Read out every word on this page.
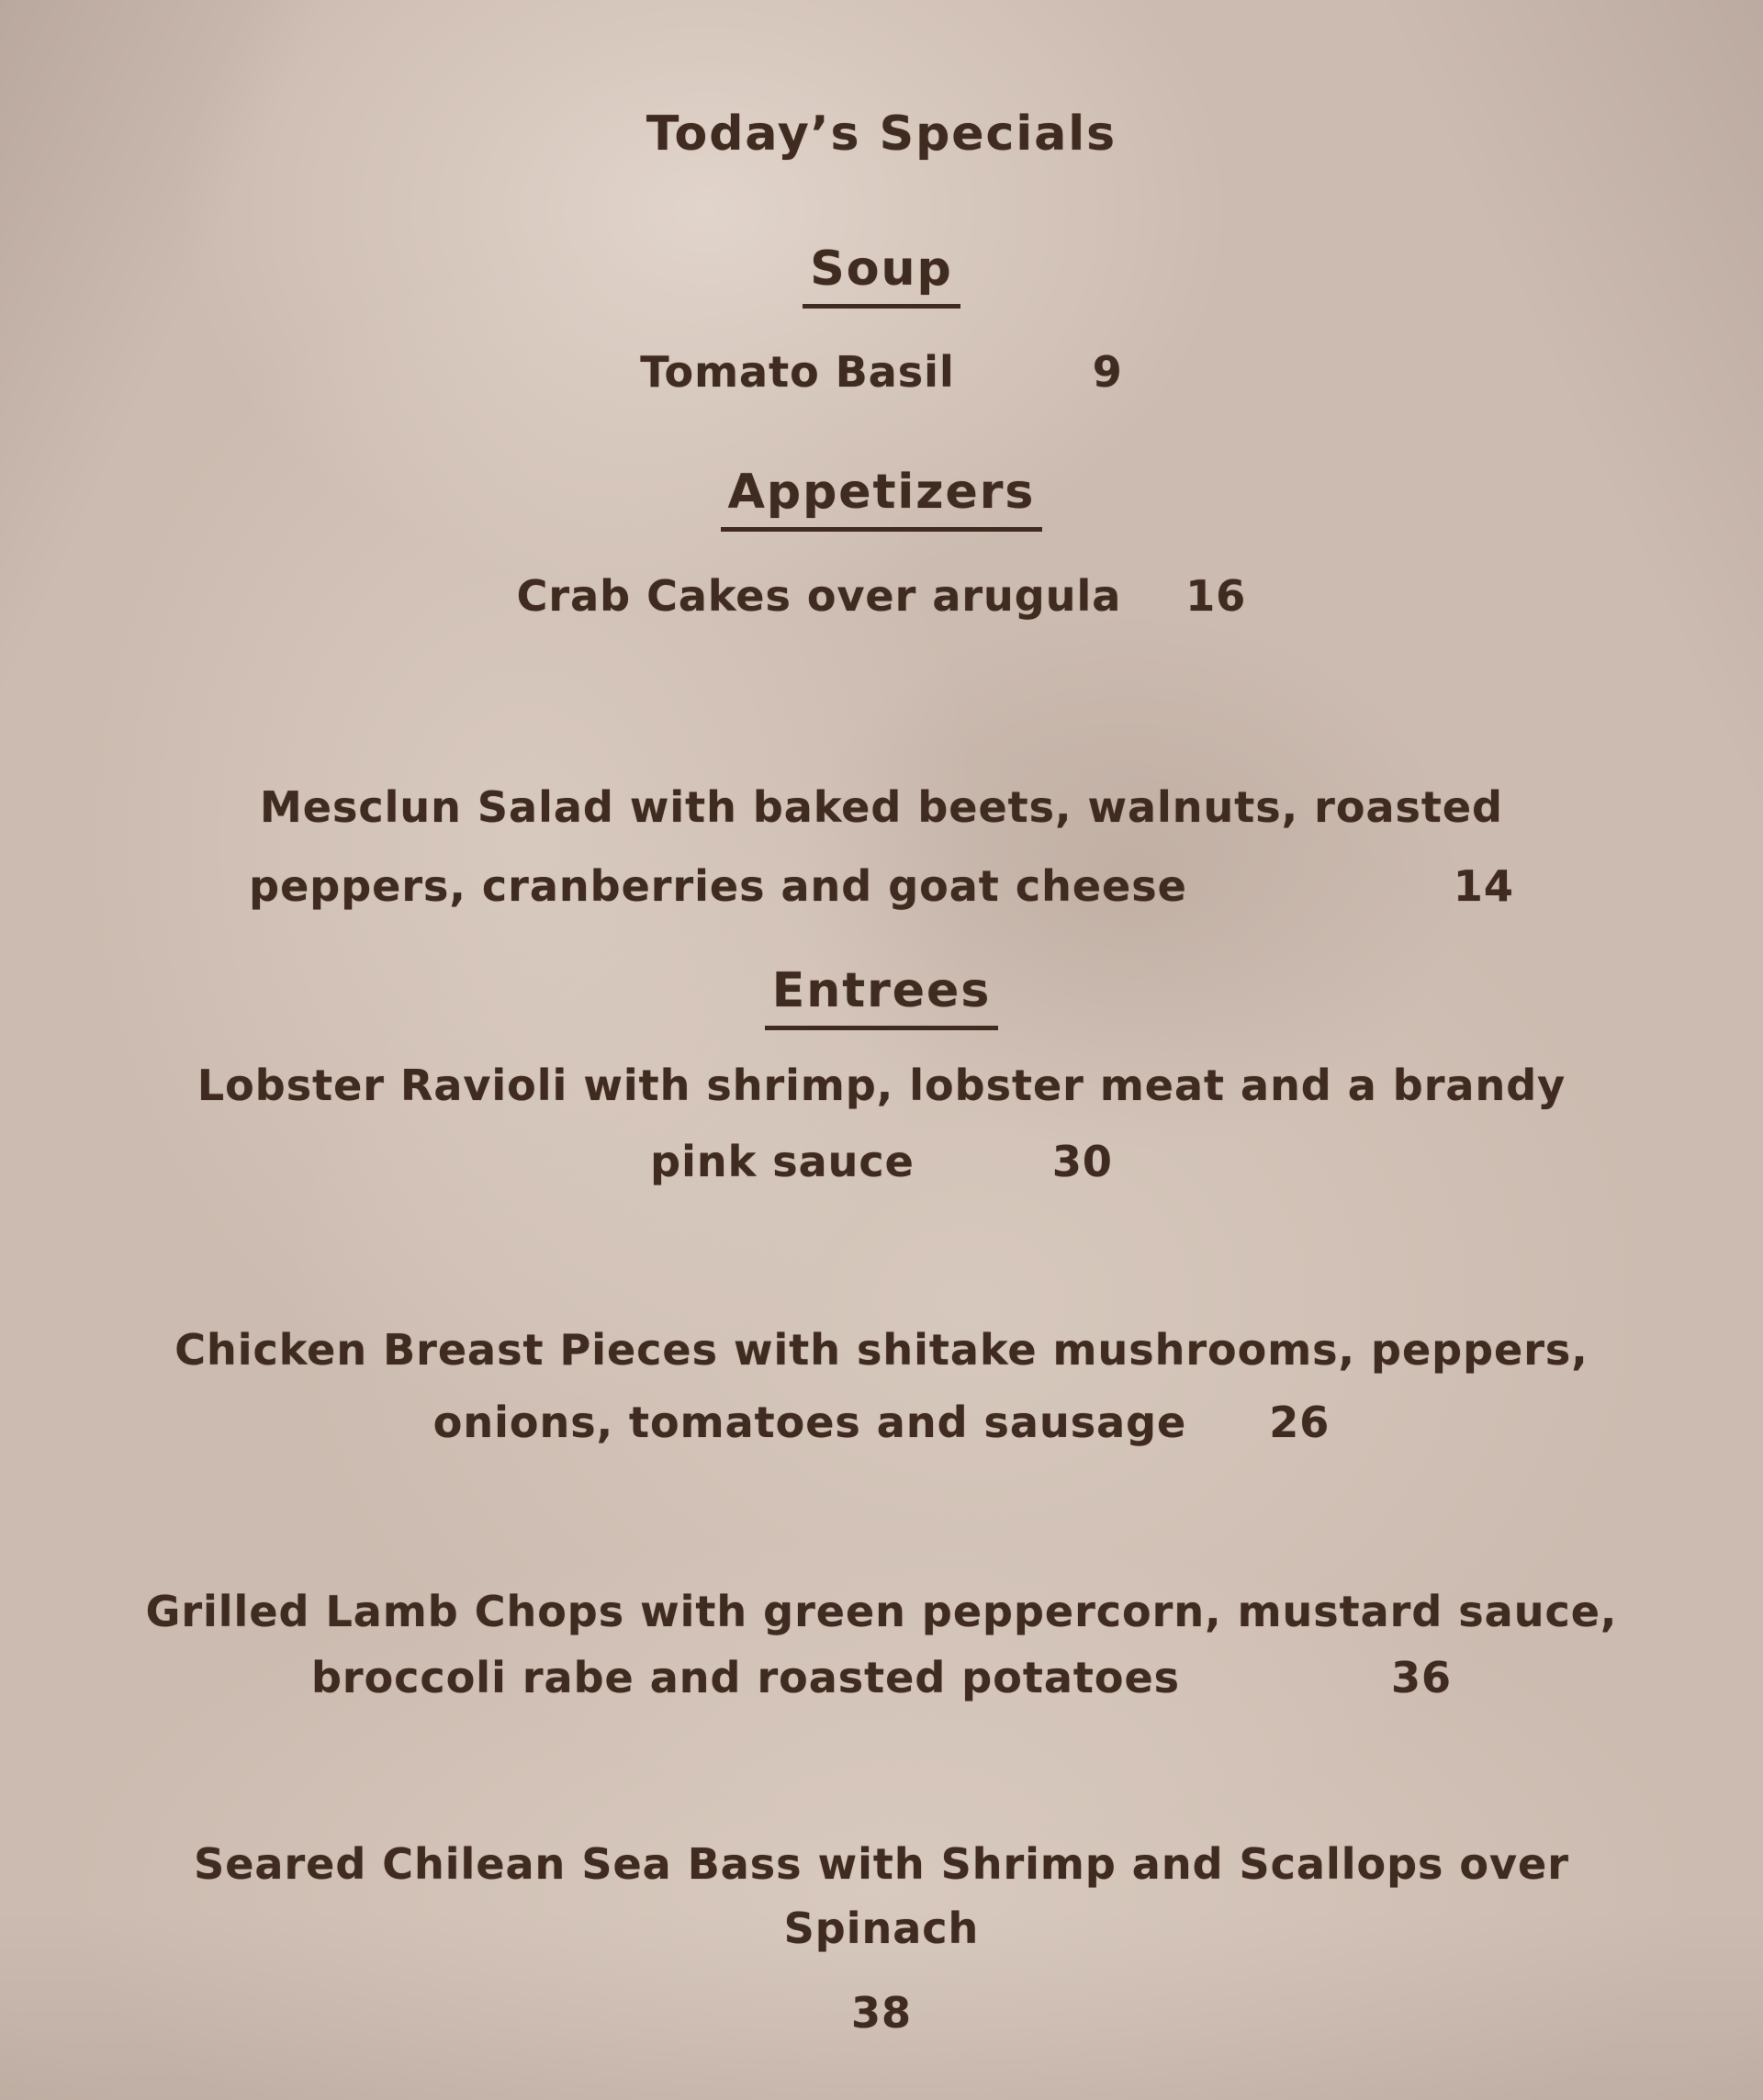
Today’s Specials
Soup
Tomato Basil	9
Appetizers
Crab Cakes over arugula 16
Mesclun Salad with baked beets, walnuts, roasted
peppers, cranberries and goat cheese	14
Entrees
Lobster Ravioli with shrimp, lobster meat and a brandy
pink sauce	30
Chicken Breast Pieces with shitake mushrooms, peppers,
onions, tomatoes and sausage 26
Grilled Lamb Chops with green peppercorn, mustard sauce,
broccoli rabe and roasted potatoes	36
Seared Chilean Sea Bass with Shrimp and Scallops over
Spinach
38
